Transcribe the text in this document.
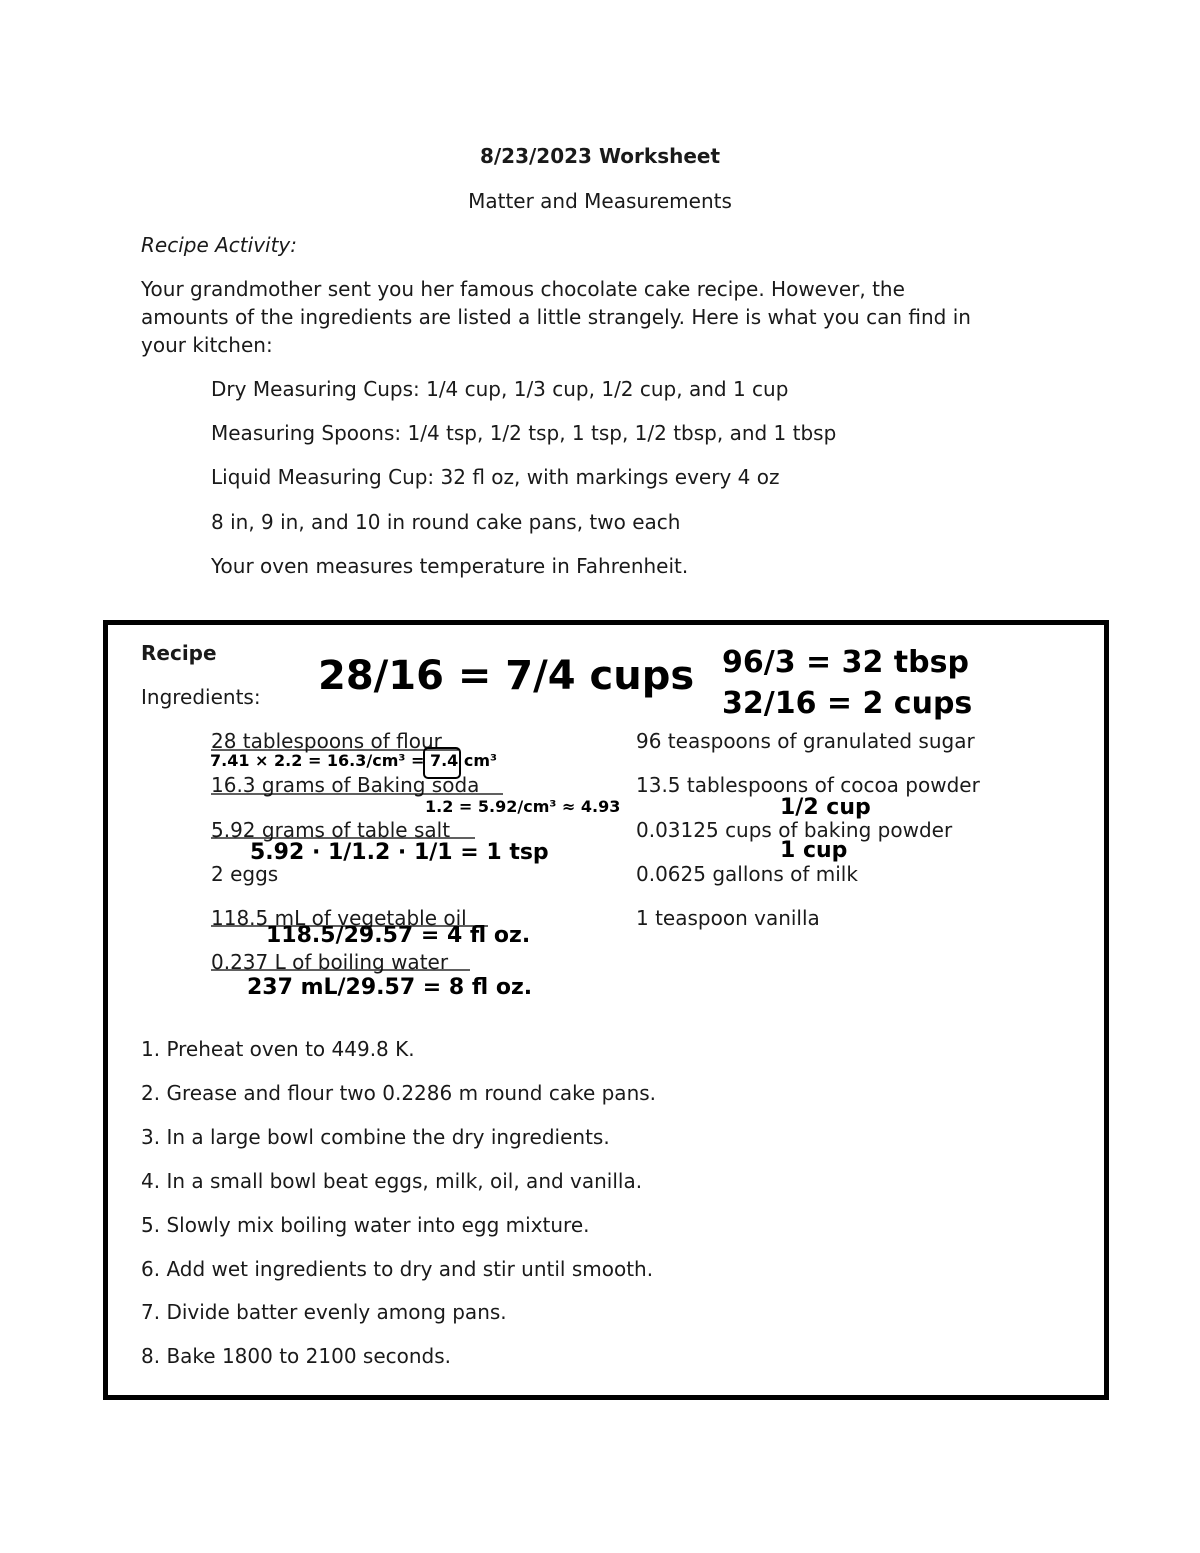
8/23/2023 Worksheet
Matter and Measurements
Recipe Activity:
Your grandmother sent you her famous chocolate cake recipe. However, the
amounts of the ingredients are listed a little strangely. Here is what you can find in
your kitchen:
Dry Measuring Cups: 1/4 cup, 1/3 cup, 1/2 cup, and 1 cup
Measuring Spoons: 1/4 tsp, 1/2 tsp, 1 tsp, 1/2 tbsp, and 1 tbsp
Liquid Measuring Cup: 32 fl oz, with markings every 4 oz
8 in, 9 in, and 10 in round cake pans, two each
Your oven measures temperature in Fahrenheit.
Recipe
Ingredients:
28 tablespoons of flour
16.3 grams of Baking soda
5.92 grams of table salt
2 eggs
118.5 mL of vegetable oil
0.237 L of boiling water
96 teaspoons of granulated sugar
13.5 tablespoons of cocoa powder
0.03125 cups of baking powder
0.0625 gallons of milk
1 teaspoon vanilla
1. Preheat oven to 449.8 K.
2. Grease and flour two 0.2286 m round cake pans.
3. In a large bowl combine the dry ingredients.
4. In a small bowl beat eggs, milk, oil, and vanilla.
5. Slowly mix boiling water into egg mixture.
6. Add wet ingredients to dry and stir until smooth.
7. Divide batter evenly among pans.
8. Bake 1800 to 2100 seconds.
28/16 = 7/4 cups 96/3 = 32 tbsp
32/16 = 2 cups
7.41 × 2.2 = 16.3/cm³ = 7.4 cm³
1.2 = 5.92/cm³ ≈ 4.93
5.92 · 1/1.2 · 1/1 = 1 tsp
1/2 cup
1 cup
118.5/29.57 = 4 fl oz.
237 mL/29.57 = 8 fl oz.
